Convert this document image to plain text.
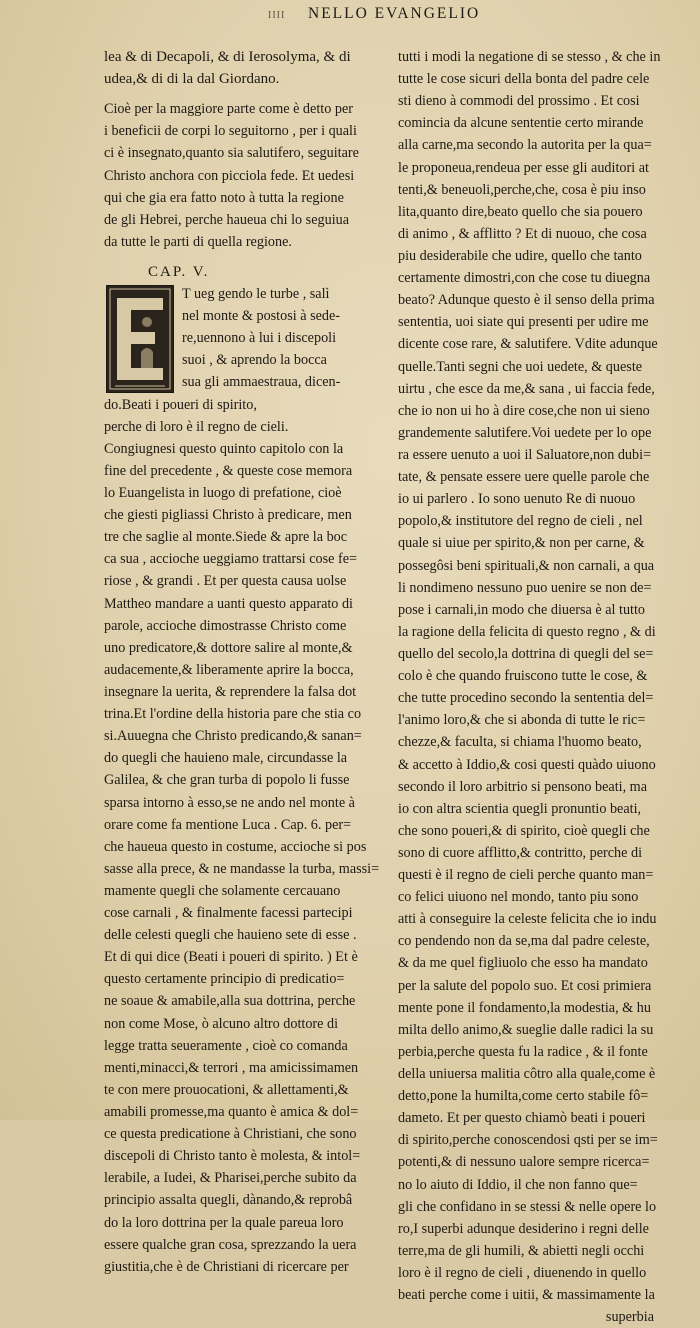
IIII NELLO EVANGELIO
lea & di Decapoli, & di Ierosolyma, & di
udea,& di di la dal Giordano.
Cioè per la maggiore parte come è detto per
i beneficii de corpi lo seguitorno , per i quali
ci è insegnato,quanto sia salutifero, seguitare
Christo anchora con picciola fede. Et uedesi
qui che gia era fatto noto à tutta la regione
de gli Hebrei, perche haueua chi lo seguiua
da tutte le parti di quella regione.
CAP. V.
T ueg gendo le turbe , salì
nel monte & postosi à sede-
re,uennono à lui i discepoli
suoi , & aprendo la bocca
sua gli ammaestraua, dicen-
do.Beati i poueri di spirito,
perche di loro è il regno de cieli.
Congiugnesi questo quinto capitolo con la
fine del precedente , & queste cose memora
lo Euangelista in luogo di prefatione, cioè
che giesti pigliassi Christo à predicare, men
tre che saglie al monte.Siede & apre la boc
ca sua , accioche ueggiamo trattarsi cose fe=
riose , & grandi . Et per questa causa uolse
Mattheo mandare a uanti questo apparato di
parole, accioche dimostrasse Christo come
uno predicatore,& dottore salire al monte,&
audacemente,& liberamente aprire la bocca,
insegnare la uerita, & reprendere la falsa dot
trina.Et l'ordine della historia pare che stia co
si.Auuegna che Christo predicando,& sanan=
do quegli che hauieno male, circundasse la
Galilea, & che gran turba di popolo li fusse
sparsa intorno à esso,se ne ando nel monte à
orare come fa mentione Luca . Cap. 6. per=
che haueua questo in costume, accioche si pos
sasse alla prece, & ne mandasse la turba, massi=
mamente quegli che solamente cercauano
cose carnali , & finalmente facessi partecipi
delle celesti quegli che hauieno sete di esse .
Et di qui dice (Beati i poueri di spirito. ) Et è
questo certamente principio di predicatio=
ne soaue & amabile,alla sua dottrina, perche
non come Mose, ò alcuno altro dottore di
legge tratta seueramente , cioè co comanda
menti,minacci,& terrori , ma amicissimamen
te con mere prouocationi, & allettamenti,&
amabili promesse,ma quanto è amica & dol=
ce questa predicatione à Christiani, che sono
discepoli di Christo tanto è molesta, & intol=
lerabile, a Iudei, & Pharisei,perche subito da
principio assalta quegli, dànando,& reprobâ
do la loro dottrina per la quale pareua loro
essere qualche gran cosa, sprezzando la uera
giustitia,che è de Christiani di ricercare per
tutti i modi la negatione di se stesso , & che in
tutte le cose sicuri della bonta del padre cele
sti dieno à commodi del prossimo . Et cosi
comincia da alcune sententie certo mirande
alla carne,ma secondo la autorita per la qua=
le proponeua,rendeua per esse gli auditori at
tenti,& beneuoli,perche,che, cosa è piu inso
lita,quanto dire,beato quello che sia pouero
di animo , & afflitto ? Et di nuouo, che cosa
piu desiderabile che udire, quello che tanto
certamente dimostri,con che cose tu diuegna
beato? Adunque questo è il senso della prima
sententia, uoi siate qui presenti per udire me
dicente cose rare, & salutifere. Vdite adunque
quelle.Tanti segni che uoi uedete, & queste
uirtu , che esce da me,& sana , ui faccia fede,
che io non ui ho à dire cose,che non ui sieno
grandemente salutifere.Voi uedete per lo ope
ra essere uenuto a uoi il Saluatore,non dubi=
tate, & pensate essere uere quelle parole che
io ui parlero . Io sono uenuto Re di nuouo
popolo,& institutore del regno de cieli , nel
quale si uiue per spirito,& non per carne, &
possegôsi beni spirituali,& non carnali, a qua
li nondimeno nessuno puo uenire se non de=
pose i carnali,in modo che diuersa è al tutto
la ragione della felicita di questo regno , & di
quello del secolo,la dottrina di quegli del se=
colo è che quando fruiscono tutte le cose, &
che tutte procedino secondo la sententia del=
l'animo loro,& che si abonda di tutte le ric=
chezze,& faculta, si chiama l'huomo beato,
& accetto à Iddio,& cosi questi quàdo uiuono
secondo il loro arbitrio si pensono beati, ma
io con altra scientia quegli pronuntio beati,
che sono poueri,& di spirito, cioè quegli che
sono di cuore afflitto,& contritto, perche di
questi è il regno de cieli perche quanto man=
co felici uiuono nel mondo, tanto piu sono
atti à conseguire la celeste felicita che io indu
co pendendo non da se,ma dal padre celeste,
& da me quel figliuolo che esso ha mandato
per la salute del popolo suo. Et cosi primiera
mente pone il fondamento,la modestia, & hu
milta dello animo,& sueglie dalle radici la su
perbia,perche questa fu la radice , & il fonte
della uniuersa malitia côtro alla quale,come è
detto,pone la humilta,come certo stabile fô=
dameto. Et per questo chiamò beati i poueri
di spirito,perche conoscendosi qsti per se im=
potenti,& di nessuno ualore sempre ricerca=
no lo aiuto di Iddio, il che non fanno que=
gli che confidano in se stessi & nelle opere lo
ro,I superbi adunque desiderino i regni delle
terre,ma de gli humili, & abietti negli occhi
loro è il regno de cieli , diuenendo in quello
beati perche come i uitii, & massimamente la
superbia
